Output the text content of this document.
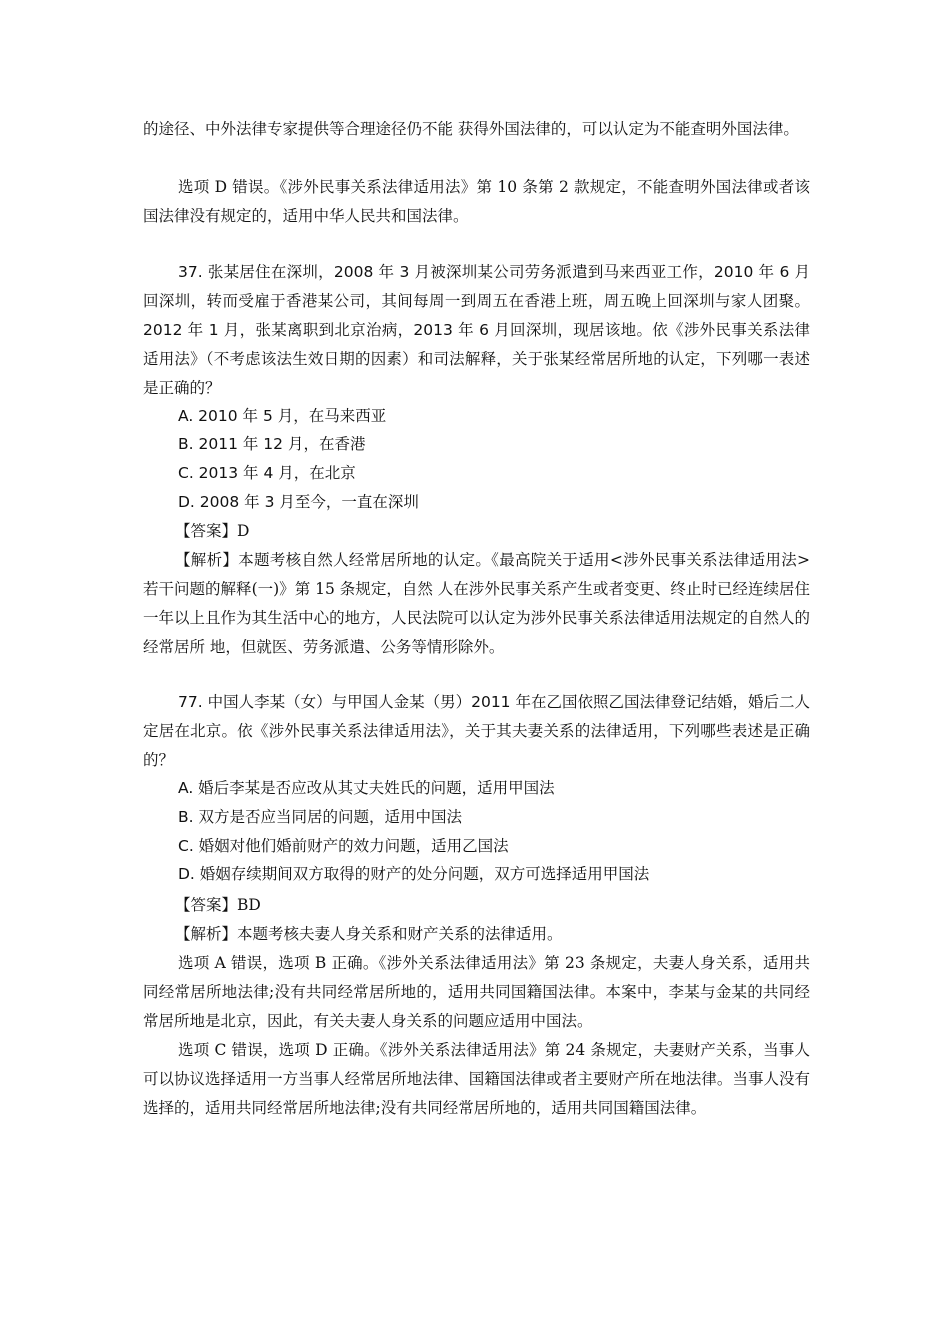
的途径、中外法律专家提供等合理途径仍不能 获得外国法律的，可以认定为不能查明外国法律。

选项 D 错误。《涉外民事关系法律适用法》第 10 条第 2 款规定，不能查明外国法律或者该国法律没有规定的，适用中华人民共和国法律。

37. 张某居住在深圳，2008 年 3 月被深圳某公司劳务派遣到马来西亚工作，2010 年 6 月回深圳，转而受雇于香港某公司，其间每周一到周五在香港上班，周五晚上回深圳与家人团聚。2012 年 1 月，张某离职到北京治病，2013 年 6 月回深圳，现居该地。依《涉外民事关系法律适用法》（不考虑该法生效日期的因素）和司法解释，关于张某经常居所地的认定，下列哪一表述是正确的？

A. 2010 年 5 月，在马来西亚

B. 2011 年 12 月，在香港

C. 2013 年 4 月，在北京

D. 2008 年 3 月至今，一直在深圳

【答案】D

【解析】本题考核自然人经常居所地的认定。《最高院关于适用<涉外民事关系法律适用法>若干问题的解释(一)》第 15 条规定，自然 人在涉外民事关系产生或者变更、终止时已经连续居住一年以上且作为其生活中心的地方，人民法院可以认定为涉外民事关系法律适用法规定的自然人的经常居所 地，但就医、劳务派遣、公务等情形除外。

77. 中国人李某（女）与甲国人金某（男）2011 年在乙国依照乙国法律登记结婚，婚后二人定居在北京。依《涉外民事关系法律适用法》，关于其夫妻关系的法律适用，下列哪些表述是正确的？

A. 婚后李某是否应改从其丈夫姓氏的问题，适用甲国法

B. 双方是否应当同居的问题，适用中国法

C. 婚姻对他们婚前财产的效力问题，适用乙国法

D. 婚姻存续期间双方取得的财产的处分问题，双方可选择适用甲国法

【答案】BD

【解析】本题考核夫妻人身关系和财产关系的法律适用。

选项 A 错误，选项 B 正确。《涉外关系法律适用法》第 23 条规定，夫妻人身关系，适用共同经常居所地法律;没有共同经常居所地的，适用共同国籍国法律。本案中，李某与金某的共同经常居所地是北京，因此，有关夫妻人身关系的问题应适用中国法。

选项 C 错误，选项 D 正确。《涉外关系法律适用法》第 24 条规定，夫妻财产关系，当事人可以协议选择适用一方当事人经常居所地法律、国籍国法律或者主要财产所在地法律。当事人没有选择的，适用共同经常居所地法律;没有共同经常居所地的，适用共同国籍国法律。
